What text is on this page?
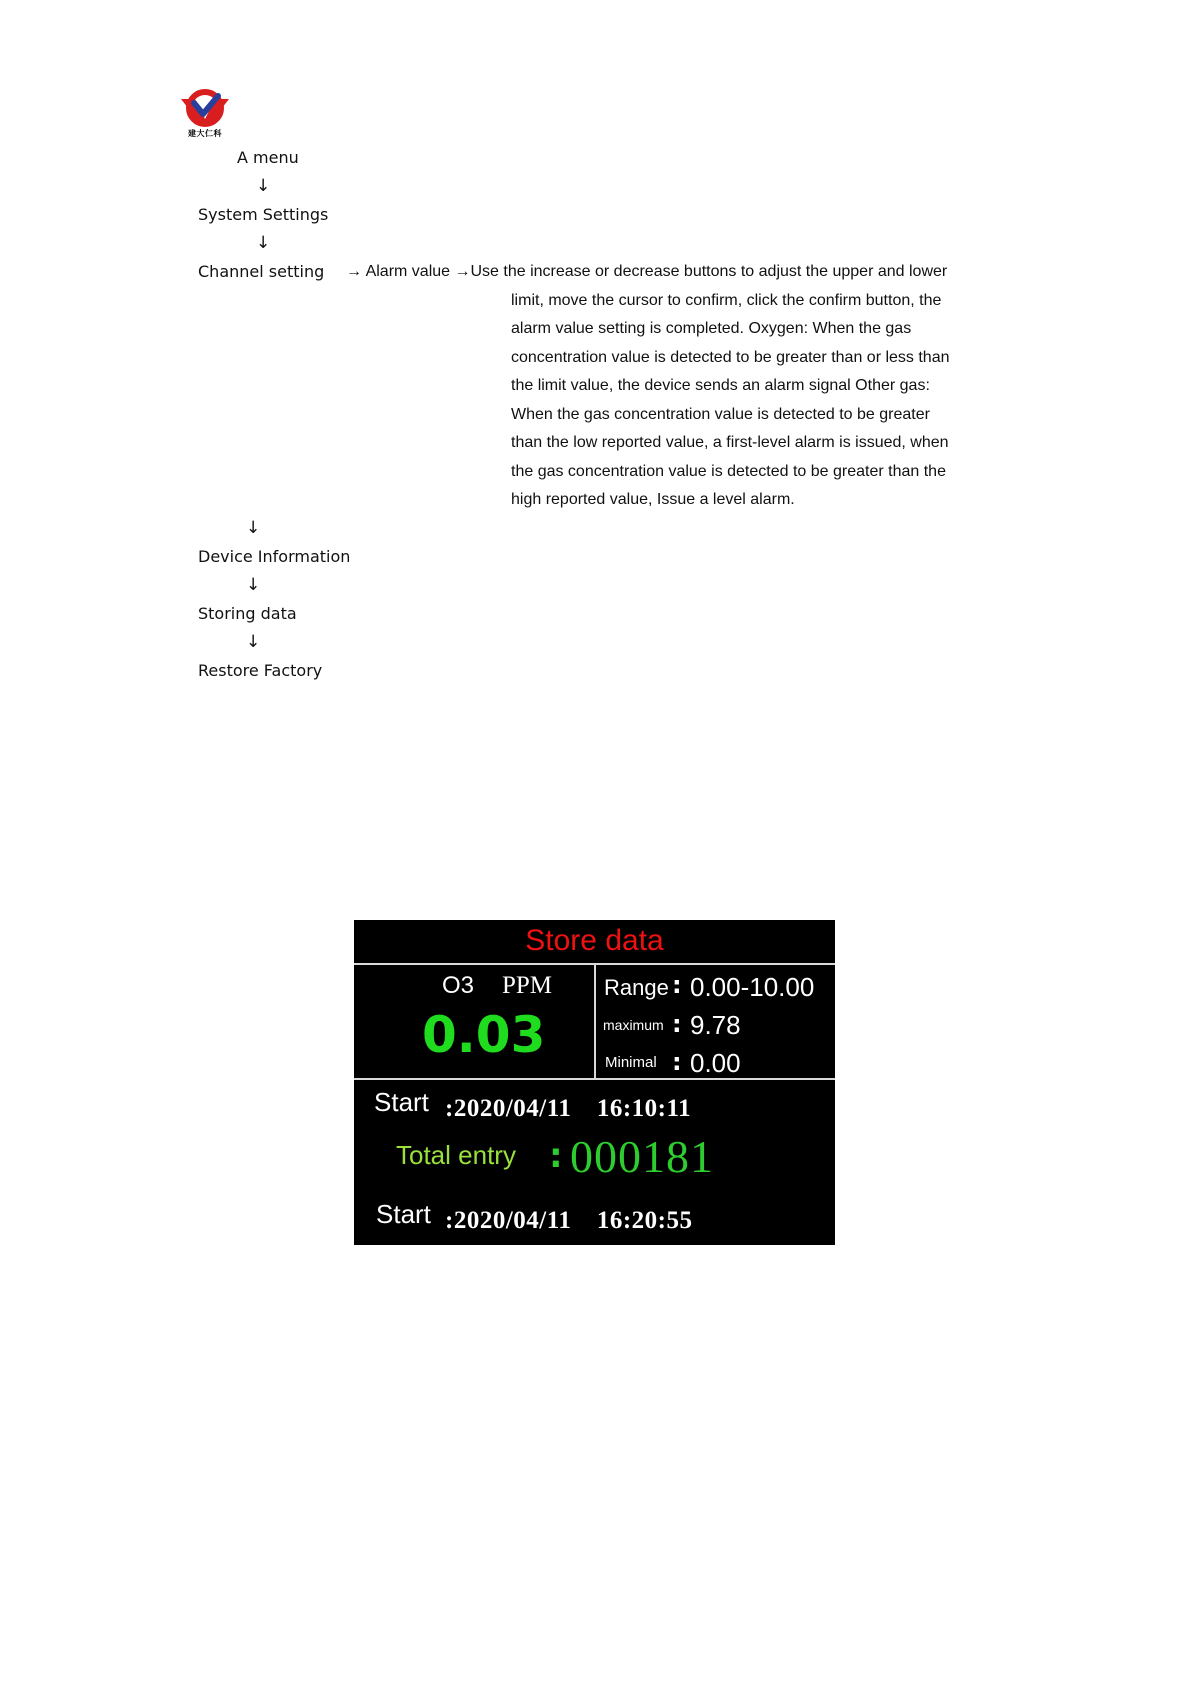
建大仁科
A menu
↓
System Settings
↓
Channel setting → Alarm value →Use the increase or decrease buttons to adjust the upper and lower
limit, move the cursor to confirm, click the confirm button, the
alarm value setting is completed. Oxygen: When the gas
concentration value is detected to be greater than or less than
the limit value, the device sends an alarm signal Other gas:
When the gas concentration value is detected to be greater
than the low reported value, a first-level alarm is issued, when
the gas concentration value is detected to be greater than the
high reported value, Issue a level alarm.
↓
Device Information
↓
Storing data
↓
Restore Factory
Store data
O3 PPM
0.03
Range : 0.00-10.00
maximum : 9.78
Minimal : 0.00
Start :2020/04/11　16:10:11
Total entry : 000181
Start :2020/04/11　16:20:55
